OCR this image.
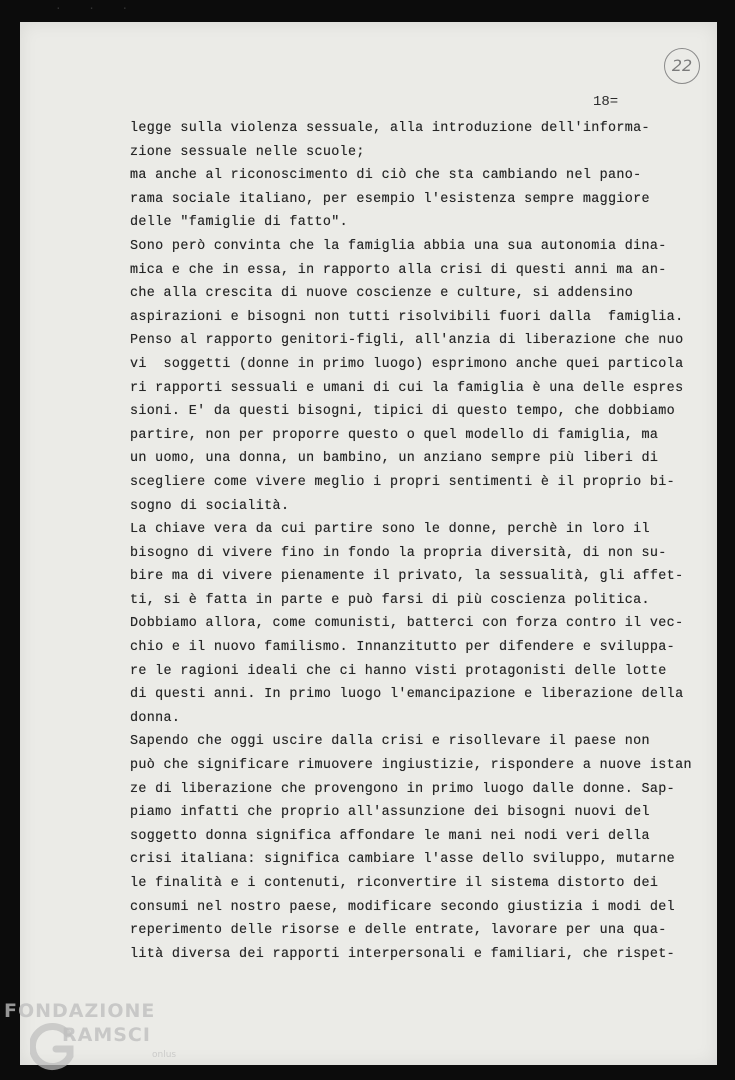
· · ·
22
18=
legge sulla violenza sessuale, alla introduzione dell'informa-
zione sessuale nelle scuole;
ma anche al riconoscimento di ciò che sta cambiando nel pano-
rama sociale italiano, per esempio l'esistenza sempre maggiore
delle "famiglie di fatto".
Sono però convinta che la famiglia abbia una sua autonomia dina-
mica e che in essa, in rapporto alla crisi di questi anni ma an-
che alla crescita di nuove coscienze e culture, si addensino
aspirazioni e bisogni non tutti risolvibili fuori dalla  famiglia.
Penso al rapporto genitori-figli, all'anzia di liberazione che nuo
vi  soggetti (donne in primo luogo) esprimono anche quei particola
ri rapporti sessuali e umani di cui la famiglia è una delle espres
sioni. E' da questi bisogni, tipici di questo tempo, che dobbiamo
partire, non per proporre questo o quel modello di famiglia, ma
un uomo, una donna, un bambino, un anziano sempre più liberi di
scegliere come vivere meglio i propri sentimenti è il proprio bi-
sogno di socialità.
La chiave vera da cui partire sono le donne, perchè in loro il
bisogno di vivere fino in fondo la propria diversità, di non su-
bire ma di vivere pienamente il privato, la sessualità, gli affet-
ti, si è fatta in parte e può farsi di più coscienza politica.
Dobbiamo allora, come comunisti, batterci con forza contro il vec-
chio e il nuovo familismo. Innanzitutto per difendere e sviluppa-
re le ragioni ideali che ci hanno visti protagonisti delle lotte
di questi anni. In primo luogo l'emancipazione e liberazione della
donna.
Sapendo che oggi uscire dalla crisi e risollevare il paese non
può che significare rimuovere ingiustizie, rispondere a nuove istan
ze di liberazione che provengono in primo luogo dalle donne. Sap-
piamo infatti che proprio all'assunzione dei bisogni nuovi del
soggetto donna significa affondare le mani nei nodi veri della
crisi italiana: significa cambiare l'asse dello sviluppo, mutarne
le finalità e i contenuti, riconvertire il sistema distorto dei
consumi nel nostro paese, modificare secondo giustizia i modi del
reperimento delle risorse e delle entrate, lavorare per una qua-
lità diversa dei rapporti interpersonali e familiari, che rispet-
FONDAZIONE
RAMSCI
onlus
